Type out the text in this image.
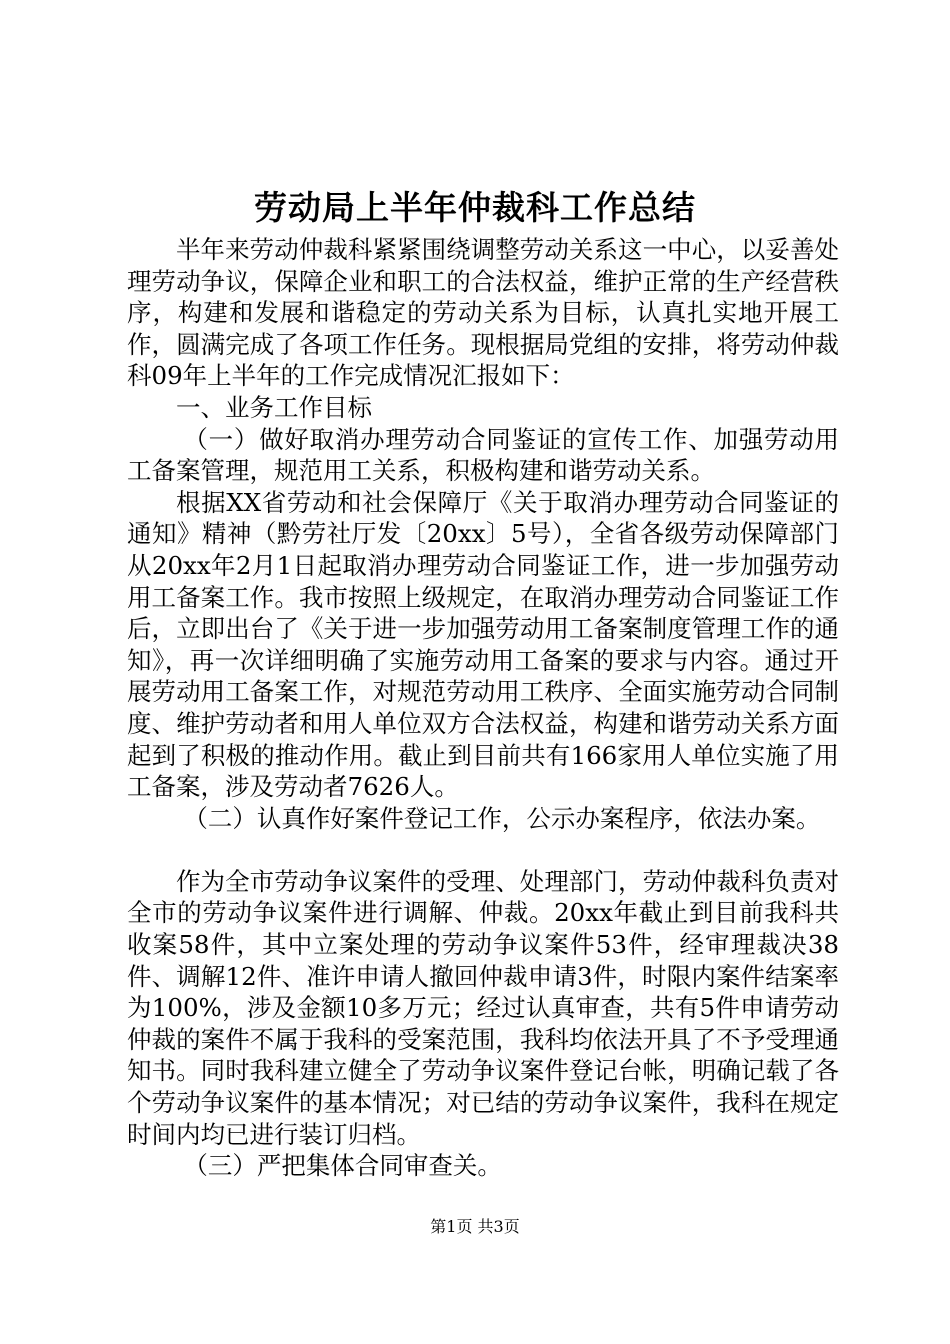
劳动局上半年仲裁科工作总结

半年来劳动仲裁科紧紧围绕调整劳动关系这一中心，以妥善处理劳动争议，保障企业和职工的合法权益，维护正常的生产经营秩序，构建和发展和谐稳定的劳动关系为目标，认真扎实地开展工作，圆满完成了各项工作任务。现根据局党组的安排，将劳动仲裁科09年上半年的工作完成情况汇报如下：

一、业务工作目标

（一）做好取消办理劳动合同鉴证的宣传工作、加强劳动用工备案管理，规范用工关系，积极构建和谐劳动关系。

根据XX省劳动和社会保障厅《关于取消办理劳动合同鉴证的通知》精神（黔劳社厅发〔20xx〕5号），全省各级劳动保障部门从20xx年2月1日起取消办理劳动合同鉴证工作，进一步加强劳动用工备案工作。我市按照上级规定，在取消办理劳动合同鉴证工作后，立即出台了《关于进一步加强劳动用工备案制度管理工作的通知》，再一次详细明确了实施劳动用工备案的要求与内容。通过开展劳动用工备案工作，对规范劳动用工秩序、全面实施劳动合同制度、维护劳动者和用人单位双方合法权益，构建和谐劳动关系方面起到了积极的推动作用。截止到目前共有166家用人单位实施了用工备案，涉及劳动者7626人。

（二）认真作好案件登记工作，公示办案程序，依法办案。

作为全市劳动争议案件的受理、处理部门，劳动仲裁科负责对全市的劳动争议案件进行调解、仲裁。20xx年截止到目前我科共收案58件，其中立案处理的劳动争议案件53件，经审理裁决38件、调解12件、准许申请人撤回仲裁申请3件，时限内案件结案率为100%，涉及金额10多万元；经过认真审查，共有5件申请劳动仲裁的案件不属于我科的受案范围，我科均依法开具了不予受理通知书。同时我科建立健全了劳动争议案件登记台帐，明确记载了各个劳动争议案件的基本情况；对已结的劳动争议案件，我科在规定时间内均已进行装订归档。

（三）严把集体合同审查关。

第1页 共3页
